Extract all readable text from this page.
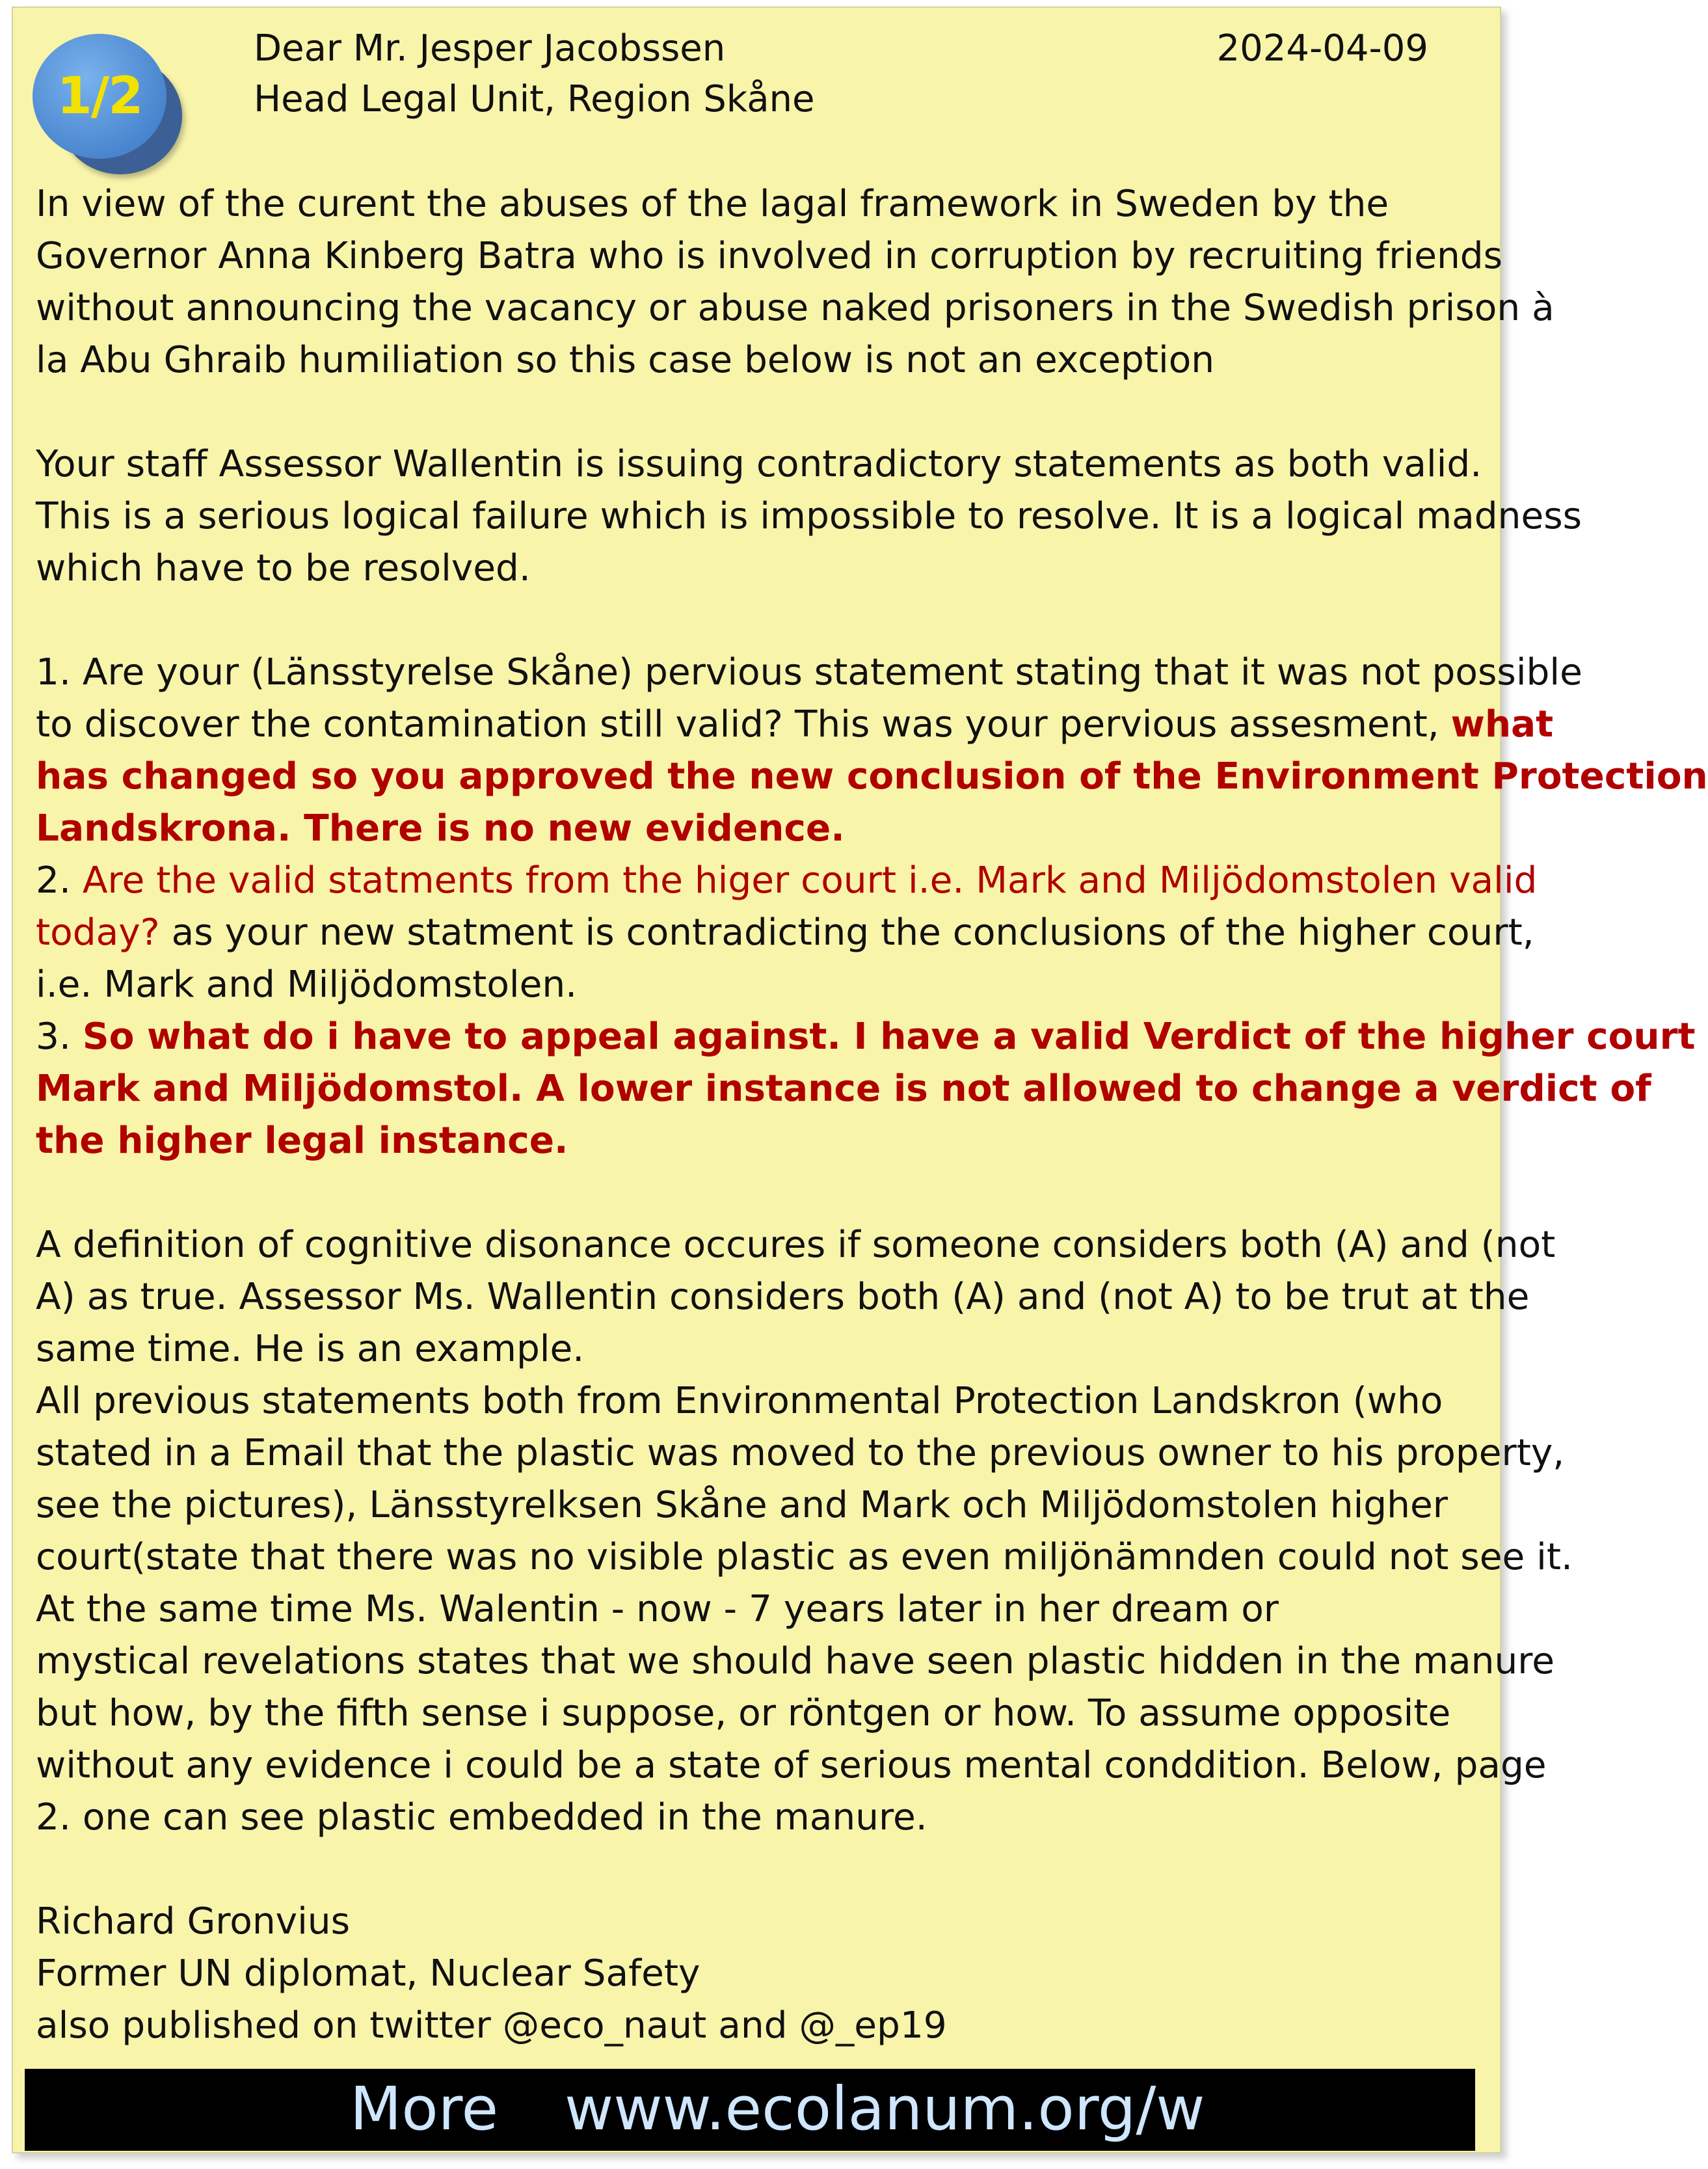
1/2
Dear Mr. Jesper Jacobssen
Head Legal Unit, Region Skåne
2024-04-09

In view of the curent the abuses of the lagal framework in Sweden by the

Governor Anna Kinberg Batra who is involved in corruption by recruiting friends

without announcing the vacancy or abuse naked prisoners in the Swedish prison à

la Abu Ghraib humiliation so this case below is not an exception

Your staff Assessor Wallentin is issuing contradictory statements as both valid.

This is a serious logical failure which is impossible to resolve. It is a logical madness

which have to be resolved.

1. Are your (Länsstyrelse Skåne) pervious statement stating that it was not possible

to discover the contamination still valid? This was your pervious assesment, what

has changed so you approved the new conclusion of the Environment Protection

Landskrona. There is no new evidence.

2. Are the valid statments from the higer court i.e. Mark and Miljödomstolen valid

today? as your new statment is contradicting the conclusions of the higher court,

i.e. Mark and Miljödomstolen.

3. So what do i have to appeal against. I have a valid Verdict of the higher court

Mark and Miljödomstol. A lower instance is not allowed to change a verdict of

the higher legal instance.

A definition of cognitive disonance occures if someone considers both (A) and (not

A) as true. Assessor Ms. Wallentin considers both (A) and (not A) to be trut at the

same time. He is an example.

All previous statements both from Environmental Protection Landskron (who

stated in a Email that the plastic was moved to the previous owner to his property,

see the pictures), Länsstyrelksen Skåne and Mark och Miljödomstolen higher

court(state that there was no visible plastic as even miljönämnden could not see it.

At the same time Ms. Walentin - now - 7 years later in her dream or

mystical revelations states that we should have seen plastic hidden in the manure

but how, by the fifth sense i suppose, or röntgen or how. To assume opposite

without any evidence i could be a state of serious mental conddition. Below, page

2. one can see plastic embedded in the manure.

Richard Gronvius

Former UN diplomat, Nuclear Safety

also published on twitter @eco_naut and @_ep19

More www.ecolanum.org/w
